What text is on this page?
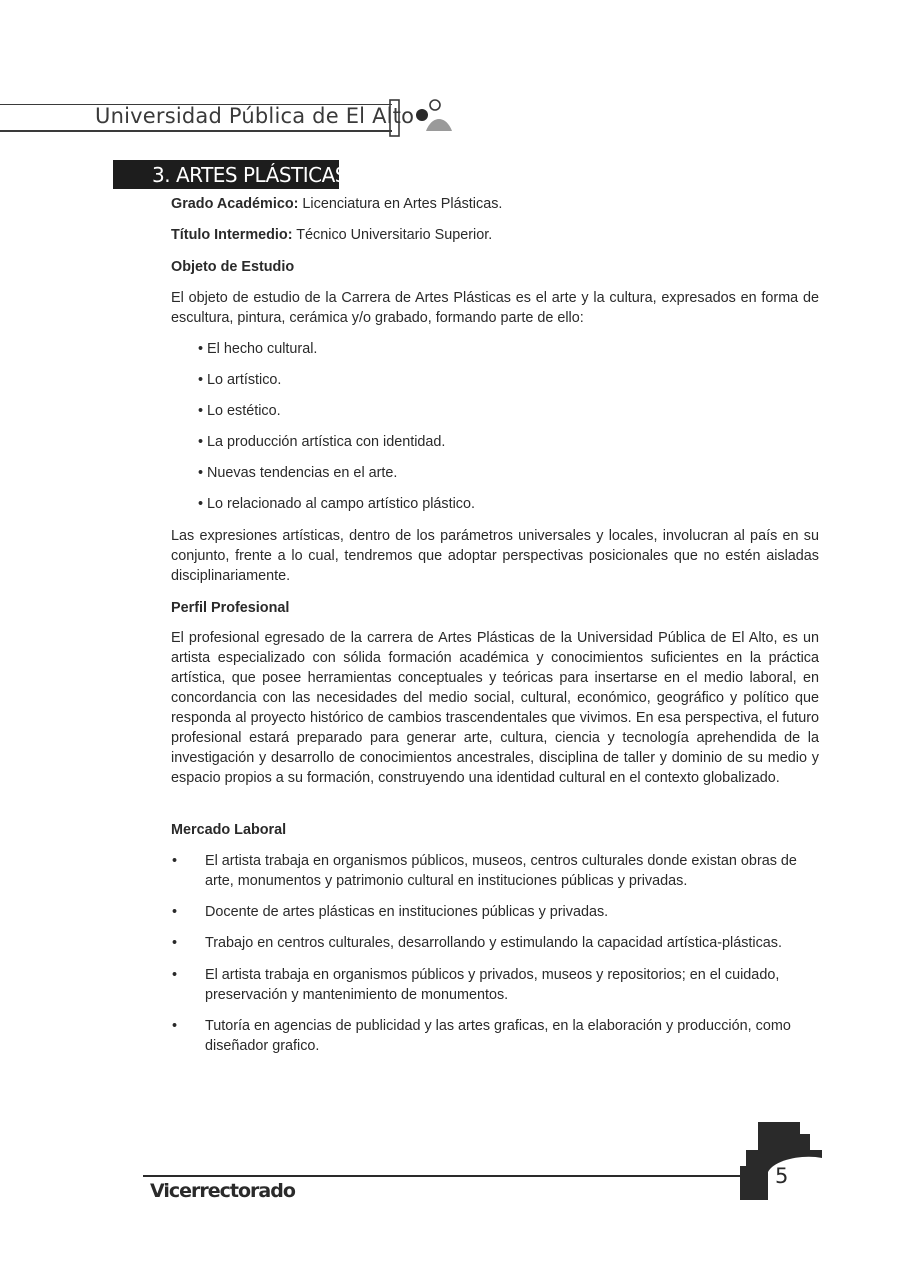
Universidad Pública de El Alto
3. ARTES PLÁSTICAS

Grado Académico: Licenciatura en Artes Plásticas.

Título Intermedio: Técnico Universitario Superior.

Objeto de Estudio

El objeto de estudio de la Carrera de Artes Plásticas es el arte y la cultura, expresados en forma de escultura, pintura, cerámica y/o grabado, formando parte de ello:

• El hecho cultural.

• Lo artístico.

• Lo estético.

• La producción artística con identidad.

• Nuevas tendencias en el arte.

• Lo relacionado al campo artístico plástico.

Las expresiones artísticas, dentro de los parámetros universales y locales, involucran al país en su conjunto, frente a lo cual, tendremos que adoptar perspectivas posicionales que no estén aisladas disciplinariamente.

Perfil Profesional

El profesional egresado de la carrera de Artes Plásticas de la Universidad Pública de El Alto, es un artista especializado con sólida formación académica y conocimientos suficientes en la práctica artística, que posee herramientas conceptuales y teóricas para insertarse en el medio laboral, en concordancia con las necesidades del medio social, cultural, económico, geográfico y político que responda al proyecto histórico de cambios trascendentales que vivimos. En esa perspectiva, el futuro profesional estará preparado para generar arte, cultura, ciencia y tecnología aprehendida de la investigación y desarrollo de conocimientos ancestrales, disciplina de taller y dominio de su medio y espacio propios a su formación, construyendo una identidad cultural en el contexto globalizado.

Mercado Laboral

• El artista trabaja en organismos públicos, museos, centros culturales donde existan obras de arte, monumentos y patrimonio cultural en instituciones públicas y privadas.

• Docente de artes plásticas en instituciones públicas y privadas.

• Trabajo en centros culturales, desarrollando y estimulando la capacidad artística-plásticas.

• El artista trabaja en organismos públicos y privados, museos y repositorios; en el cuidado, preservación y mantenimiento de monumentos.

• Tutoría en agencias de publicidad y las artes graficas, en la elaboración y producción, como diseñador grafico.

Vicerrectorado
5
